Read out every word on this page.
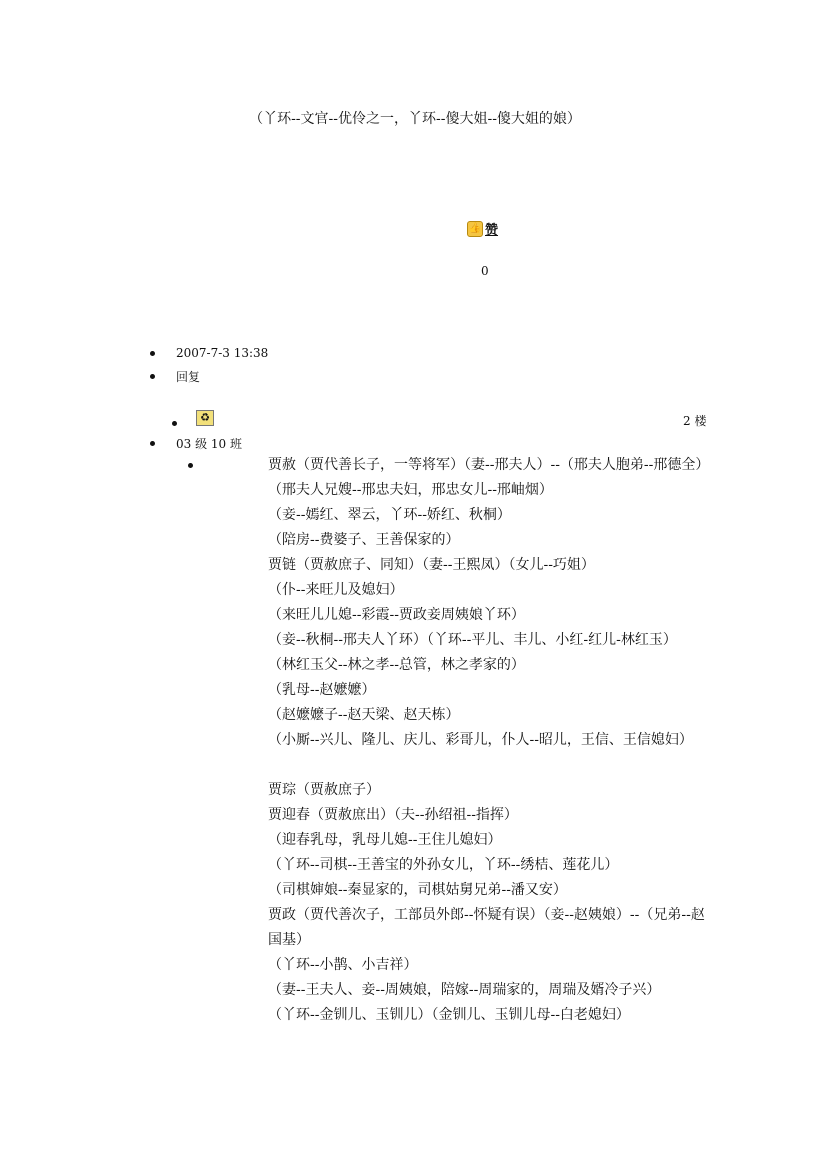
（丫环--文官--优伶之一，丫环--傻大姐--傻大姐的娘）
👍 赞
0
2007-7-3 13:38
回复
♻	2 楼
03 级 10 班
贾赦（贾代善长子，一等将军）（妻--邢夫人）--（邢夫人胞弟--邢德全）
（邢夫人兄嫂--邢忠夫妇，邢忠女儿--邢岫烟）
（妾--嫣红、翠云，丫环--娇红、秋桐）
（陪房--费婆子、王善保家的）
贾链（贾赦庶子、同知）（妻--王熙凤）（女儿--巧姐）
（仆--来旺儿及媳妇）
（来旺儿儿媳--彩霞--贾政妾周姨娘丫环）
（妾--秋桐--邢夫人丫环）（丫环--平儿、丰儿、小红-红儿-林红玉）
（林红玉父--林之孝--总管，林之孝家的）
（乳母--赵嬷嬷）
（赵嬷嬷子--赵天梁、赵天栋）
（小厮--兴儿、隆儿、庆儿、彩哥儿，仆人--昭儿，王信、王信媳妇）
贾琮（贾赦庶子）
贾迎春（贾赦庶出）（夫--孙绍祖--指挥）
（迎春乳母，乳母儿媳--王住儿媳妇）
（丫环--司棋--王善宝的外孙女儿，丫环--绣桔、莲花儿）
（司棋婶娘--秦显家的，司棋姑舅兄弟--潘又安）
贾政（贾代善次子，工部员外郎--怀疑有误）（妾--赵姨娘）--（兄弟--赵国基）
（丫环--小鹊、小吉祥）
（妻--王夫人、妾--周姨娘，陪嫁--周瑞家的，周瑞及婿冷子兴）
（丫环--金钏儿、玉钏儿）（金钏儿、玉钏儿母--白老媳妇）
